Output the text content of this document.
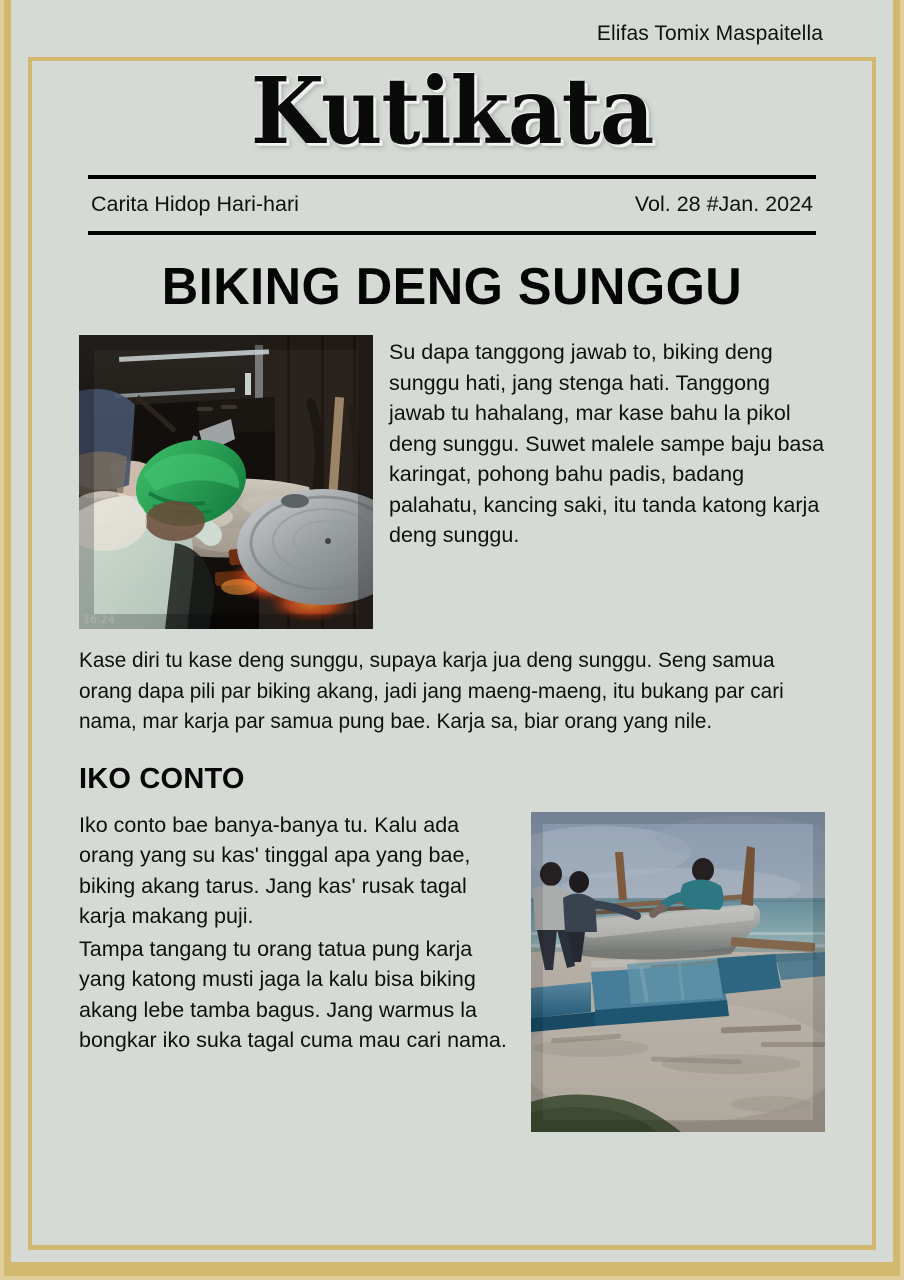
Elifas Tomix Maspaitella
Kutikata
Carita Hidop Hari-hari	Vol. 28 #Jan. 2024
BIKING DENG SUNGGU
16:24

Su dapa tanggong jawab to, biking deng sunggu hati, jang stenga hati. Tanggong jawab tu hahalang, mar kase bahu la pikol deng sunggu. Suwet malele sampe baju basa karingat, pohong bahu padis, badang palahatu, kancing saki, itu tanda katong karja deng sunggu.

Kase diri tu kase deng sunggu, supaya karja jua deng sunggu. Seng samua orang dapa pili par biking akang, jadi jang maeng-maeng, itu bukang par cari nama, mar karja par samua pung bae. Karja sa, biar orang yang nile.

IKO CONTO

Iko conto bae banya-banya tu. Kalu ada orang yang su kas' tinggal apa yang bae, biking akang tarus. Jang kas' rusak tagal karja makang puji.

Tampa tangang tu orang tatua pung karja yang katong musti jaga la kalu bisa biking akang lebe tamba bagus. Jang warmus la bongkar iko suka tagal cuma mau cari nama.
